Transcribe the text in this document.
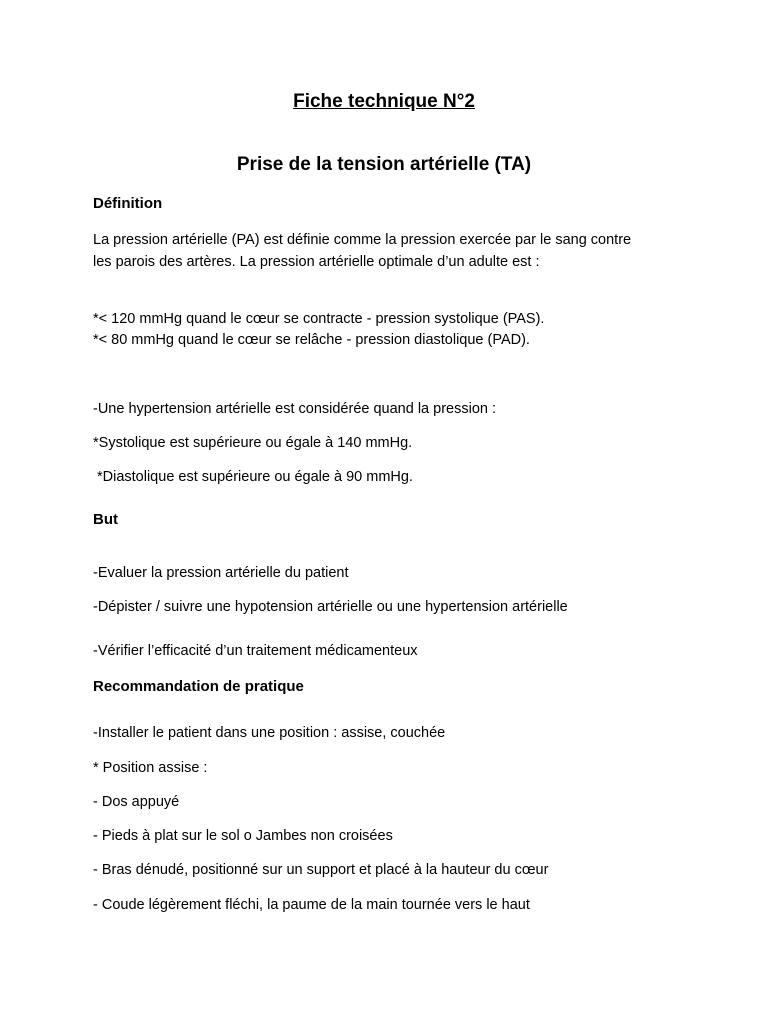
Fiche technique N°2
Prise de la tension artérielle (TA)
Définition
La pression artérielle (PA) est définie comme la pression exercée par le sang contre
les parois des artères. La pression artérielle optimale d’un adulte est :
*< 120 mmHg quand le cœur se contracte - pression systolique (PAS).
*< 80 mmHg quand le cœur se relâche - pression diastolique (PAD).
-Une hypertension artérielle est considérée quand la pression :
*Systolique est supérieure ou égale à 140 mmHg.
*Diastolique est supérieure ou égale à 90 mmHg.
But
-Evaluer la pression artérielle du patient
-Dépister / suivre une hypotension artérielle ou une hypertension artérielle
-Vérifier l’efficacité d’un traitement médicamenteux
Recommandation de pratique
-Installer le patient dans une position : assise, couchée
* Position assise :
- Dos appuyé
- Pieds à plat sur le sol o Jambes non croisées
- Bras dénudé, positionné sur un support et placé à la hauteur du cœur
- Coude légèrement fléchi, la paume de la main tournée vers le haut
